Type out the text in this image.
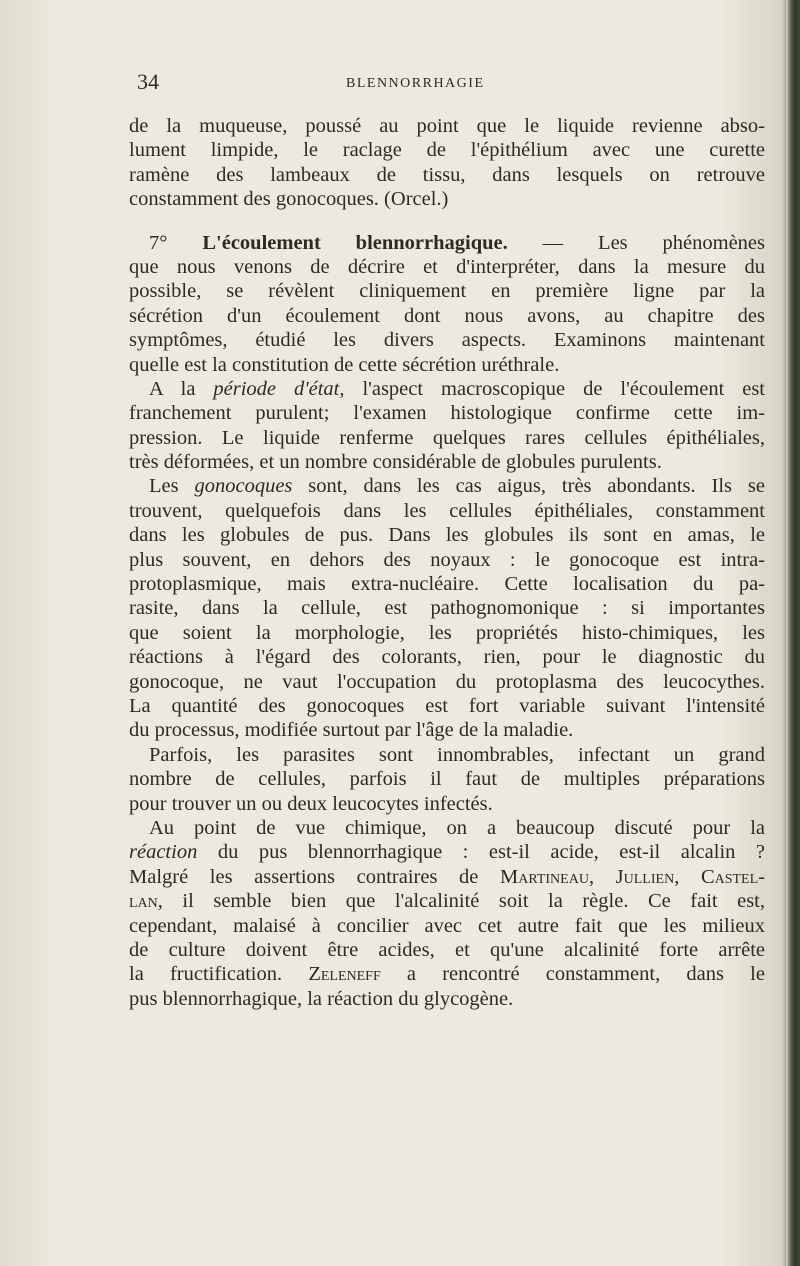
34	BLENNORRHAGIE
de la muqueuse, poussé au point que le liquide revienne abso-
lument limpide, le raclage de l'épithélium avec une curette
ramène des lambeaux de tissu, dans lesquels on retrouve
constamment des gonocoques. (Orcel.)
7° L'écoulement blennorrhagique. — Les phénomènes
que nous venons de décrire et d'interpréter, dans la mesure du
possible, se révèlent cliniquement en première ligne par la
sécrétion d'un écoulement dont nous avons, au chapitre des
symptômes, étudié les divers aspects. Examinons maintenant
quelle est la constitution de cette sécrétion uréthrale.
A la période d'état, l'aspect macroscopique de l'écoulement est
franchement purulent; l'examen histologique confirme cette im-
pression. Le liquide renferme quelques rares cellules épithéliales,
très déformées, et un nombre considérable de globules purulents.
Les gonocoques sont, dans les cas aigus, très abondants. Ils se
trouvent, quelquefois dans les cellules épithéliales, constamment
dans les globules de pus. Dans les globules ils sont en amas, le
plus souvent, en dehors des noyaux : le gonocoque est intra-
protoplasmique, mais extra-nucléaire. Cette localisation du pa-
rasite, dans la cellule, est pathognomonique : si importantes
que soient la morphologie, les propriétés histo-chimiques, les
réactions à l'égard des colorants, rien, pour le diagnostic du
gonocoque, ne vaut l'occupation du protoplasma des leucocythes.
La quantité des gonocoques est fort variable suivant l'intensité
du processus, modifiée surtout par l'âge de la maladie.
Parfois, les parasites sont innombrables, infectant un grand
nombre de cellules, parfois il faut de multiples préparations
pour trouver un ou deux leucocytes infectés.
Au point de vue chimique, on a beaucoup discuté pour la
réaction du pus blennorrhagique : est-il acide, est-il alcalin ?
Malgré les assertions contraires de Martineau, Jullien, Castel-
lan, il semble bien que l'alcalinité soit la règle. Ce fait est,
cependant, malaisé à concilier avec cet autre fait que les milieux
de culture doivent être acides, et qu'une alcalinité forte arrête
la fructification. Zeleneff a rencontré constamment, dans le
pus blennorrhagique, la réaction du glycogène.
